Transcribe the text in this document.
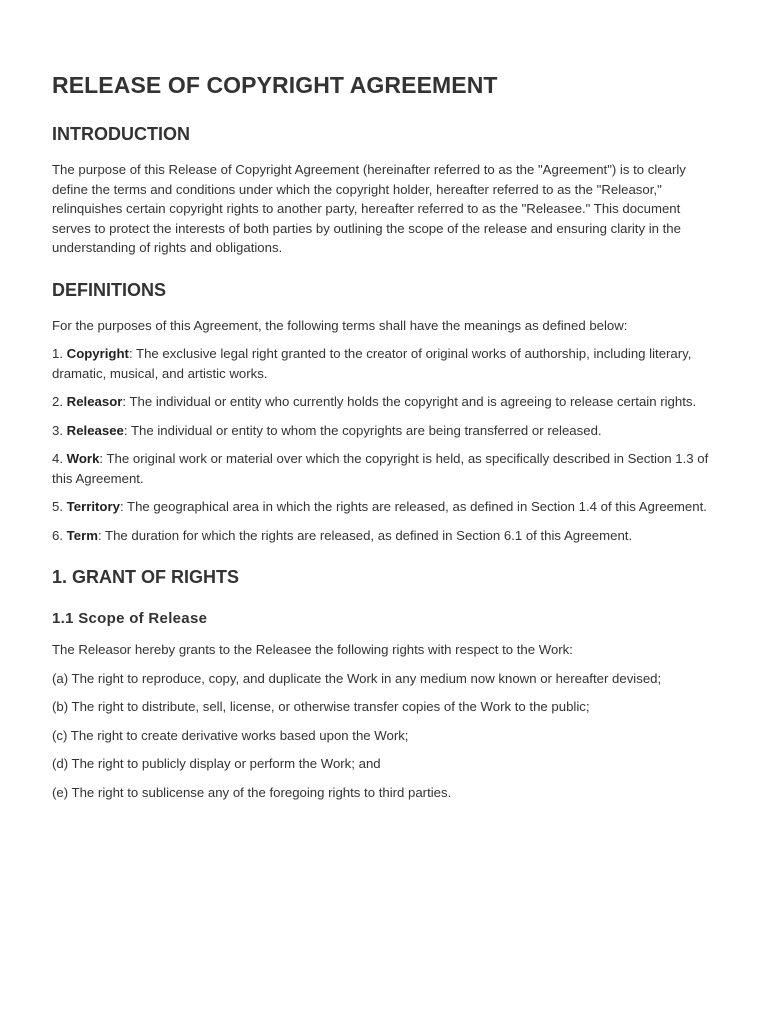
RELEASE OF COPYRIGHT AGREEMENT
INTRODUCTION

The purpose of this Release of Copyright Agreement (hereinafter referred to as the "Agreement") is to clearly define the terms and conditions under which the copyright holder, hereafter referred to as the "Releasor," relinquishes certain copyright rights to another party, hereafter referred to as the "Releasee." This document serves to protect the interests of both parties by outlining the scope of the release and ensuring clarity in the understanding of rights and obligations.

DEFINITIONS

For the purposes of this Agreement, the following terms shall have the meanings as defined below:

1. Copyright: The exclusive legal right granted to the creator of original works of authorship, including literary, dramatic, musical, and artistic works.

2. Releasor: The individual or entity who currently holds the copyright and is agreeing to release certain rights.

3. Releasee: The individual or entity to whom the copyrights are being transferred or released.

4. Work: The original work or material over which the copyright is held, as specifically described in Section 1.3 of this Agreement.

5. Territory: The geographical area in which the rights are released, as defined in Section 1.4 of this Agreement.

6. Term: The duration for which the rights are released, as defined in Section 6.1 of this Agreement.

1. GRANT OF RIGHTS
1.1 Scope of Release

The Releasor hereby grants to the Releasee the following rights with respect to the Work:

(a) The right to reproduce, copy, and duplicate the Work in any medium now known or hereafter devised;

(b) The right to distribute, sell, license, or otherwise transfer copies of the Work to the public;

(c) The right to create derivative works based upon the Work;

(d) The right to publicly display or perform the Work; and

(e) The right to sublicense any of the foregoing rights to third parties.
